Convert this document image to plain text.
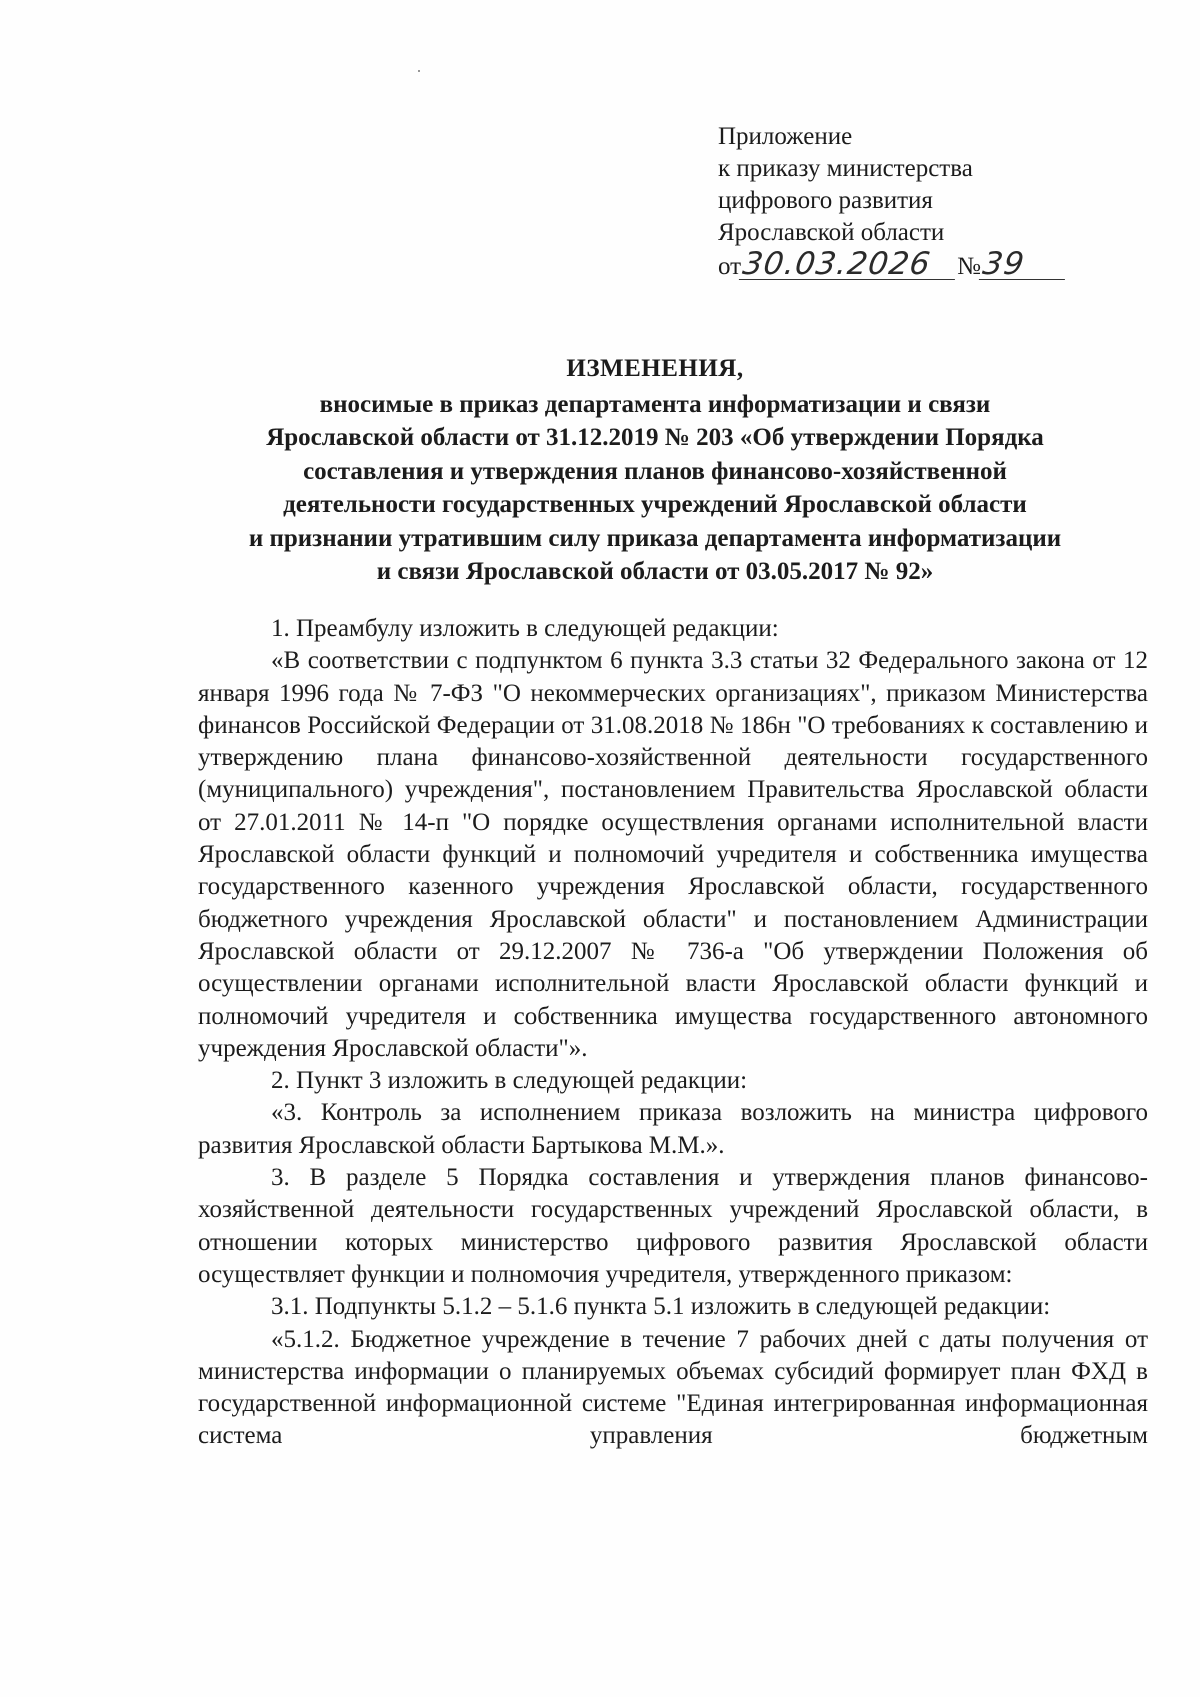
Приложение
к приказу министерства
цифрового развития
Ярославской области
от30.03.2026 №39
ИЗМЕНЕНИЯ,
вносимые в приказ департамента информатизации и связи
Ярославской области от 31.12.2019 № 203 «Об утверждении Порядка
составления и утверждения планов финансово-хозяйственной
деятельности государственных учреждений Ярославской области
и признании утратившим силу приказа департамента информатизации
и связи Ярославской области от 03.05.2017 № 92»

1. Преамбулу изложить в следующей редакции:

«В соответствии с подпунктом 6 пункта 3.3 статьи 32 Федерального закона от 12 января 1996 года № 7-ФЗ "О некоммерческих организациях", приказом Министерства финансов Российской Федерации от 31.08.2018 № 186н "О требованиях к составлению и утверждению плана финансово-хозяйственной деятельности государственного (муниципального) учреждения", постановлением Правительства Ярославской области от 27.01.2011 № 14-п "О порядке осуществления органами исполнительной власти Ярославской области функций и полномочий учредителя и собственника имущества государственного казенного учреждения Ярославской области, государственного бюджетного учреждения Ярославской области" и постановлением Администрации Ярославской области от 29.12.2007 № 736-а "Об утверждении Положения об осуществлении органами исполнительной власти Ярославской области функций и полномочий учредителя и собственника имущества государственного автономного учреждения Ярославской области"».

2. Пункт 3 изложить в следующей редакции:

«3. Контроль за исполнением приказа возложить на министра цифрового развития Ярославской области Бартыкова М.М.».

3. В разделе 5 Порядка составления и утверждения планов финансово-хозяйственной деятельности государственных учреждений Ярославской области, в отношении которых министерство цифрового развития Ярославской области осуществляет функции и полномочия учредителя, утвержденного приказом:

3.1. Подпункты 5.1.2 – 5.1.6 пункта 5.1 изложить в следующей редакции:

«5.1.2. Бюджетное учреждение в течение 7 рабочих дней с даты получения от министерства информации о планируемых объемах субсидий формирует план ФХД в государственной информационной системе "Единая интегрированная информационная система управления бюджетным
